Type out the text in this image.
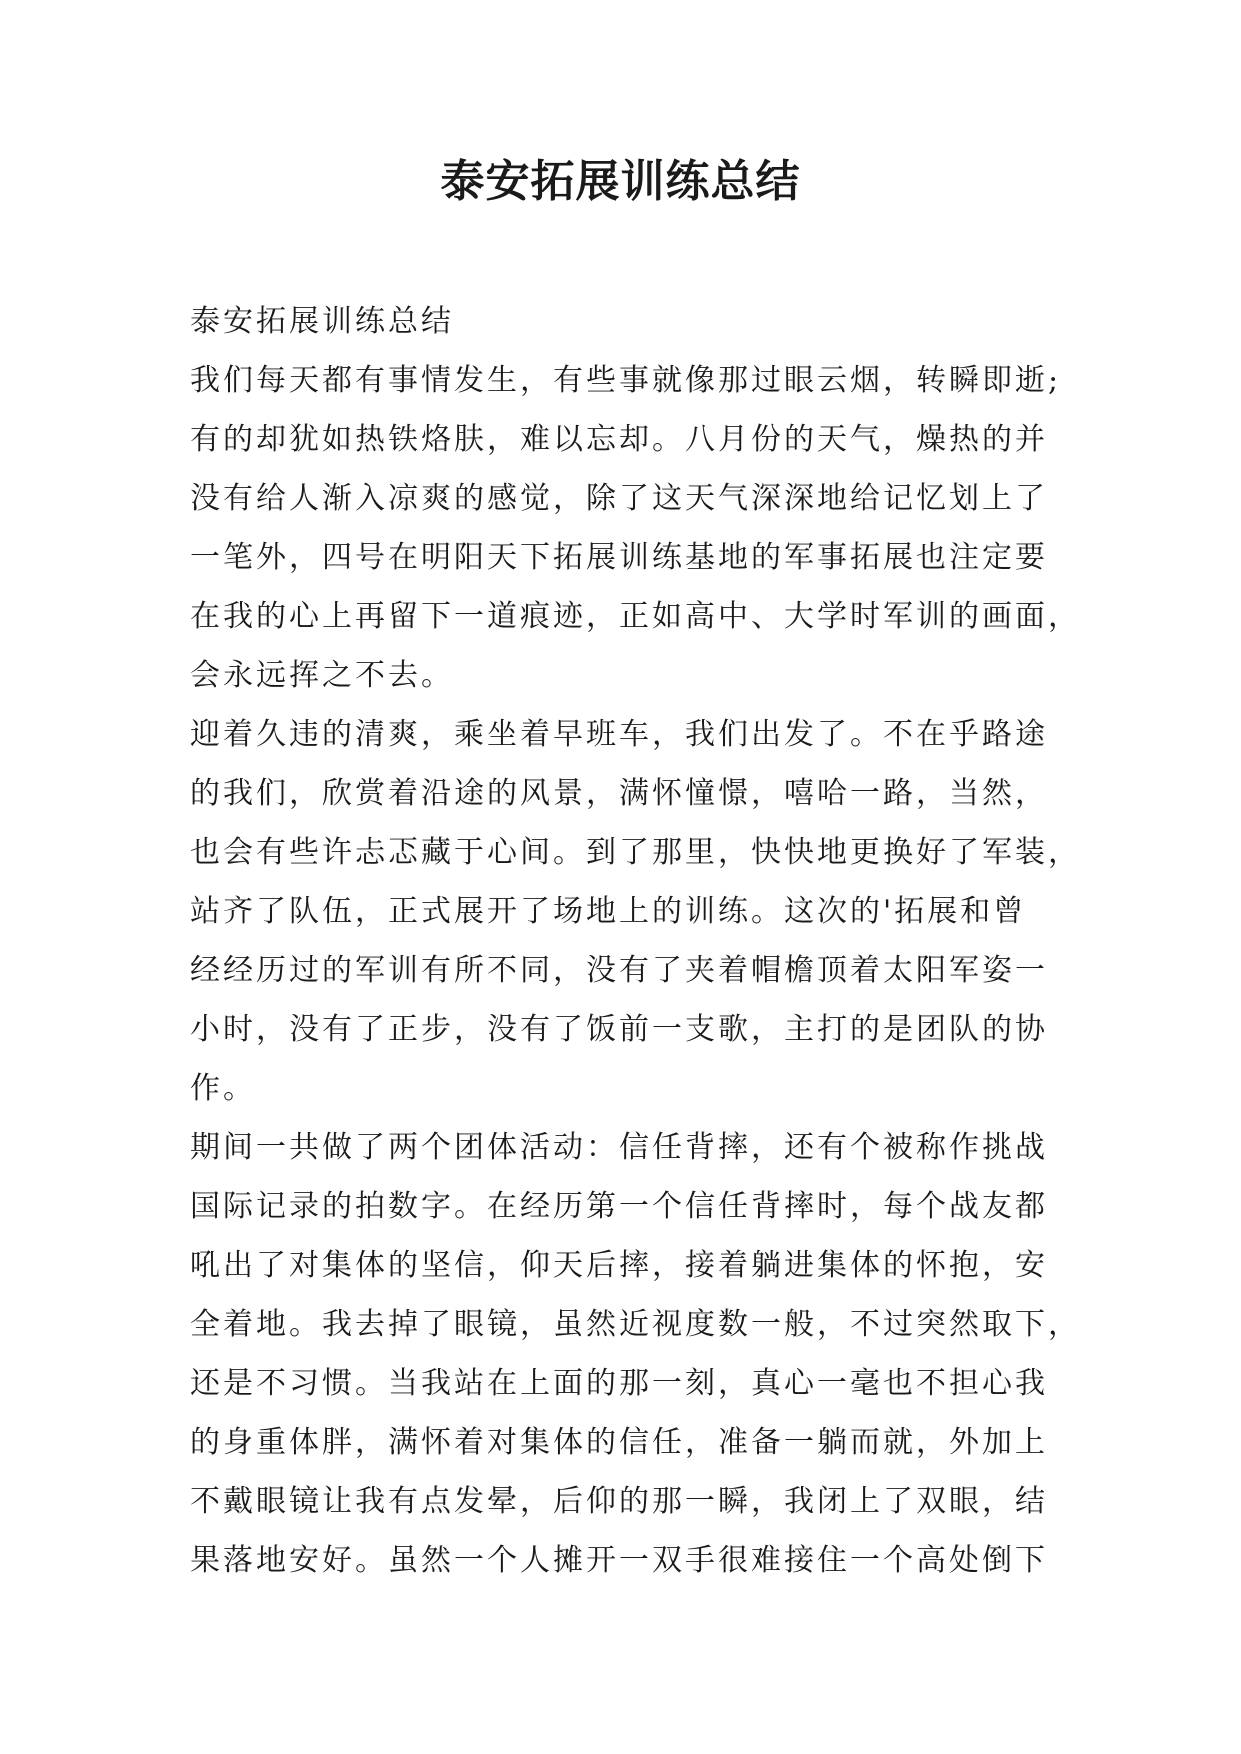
泰安拓展训练总结
泰安拓展训练总结
我们每天都有事情发生，有些事就像那过眼云烟，转瞬即逝;
有的却犹如热铁烙肤，难以忘却。八月份的天气，燥热的并
没有给人渐入凉爽的感觉，除了这天气深深地给记忆划上了
一笔外，四号在明阳天下拓展训练基地的军事拓展也注定要
在我的心上再留下一道痕迹，正如高中、大学时军训的画面，
会永远挥之不去。
迎着久违的清爽，乘坐着早班车，我们出发了。不在乎路途
的我们，欣赏着沿途的风景，满怀憧憬，嘻哈一路，当然，
也会有些许忐忑藏于心间。到了那里，快快地更换好了军装，
站齐了队伍，正式展开了场地上的训练。这次的'拓展和曾
经经历过的军训有所不同，没有了夹着帽檐顶着太阳军姿一
小时，没有了正步，没有了饭前一支歌，主打的是团队的协
作。
期间一共做了两个团体活动：信任背摔，还有个被称作挑战
国际记录的拍数字。在经历第一个信任背摔时，每个战友都
吼出了对集体的坚信，仰天后摔，接着躺进集体的怀抱，安
全着地。我去掉了眼镜，虽然近视度数一般，不过突然取下，
还是不习惯。当我站在上面的那一刻，真心一毫也不担心我
的身重体胖，满怀着对集体的信任，准备一躺而就，外加上
不戴眼镜让我有点发晕，后仰的那一瞬，我闭上了双眼，结
果落地安好。虽然一个人摊开一双手很难接住一个高处倒下
